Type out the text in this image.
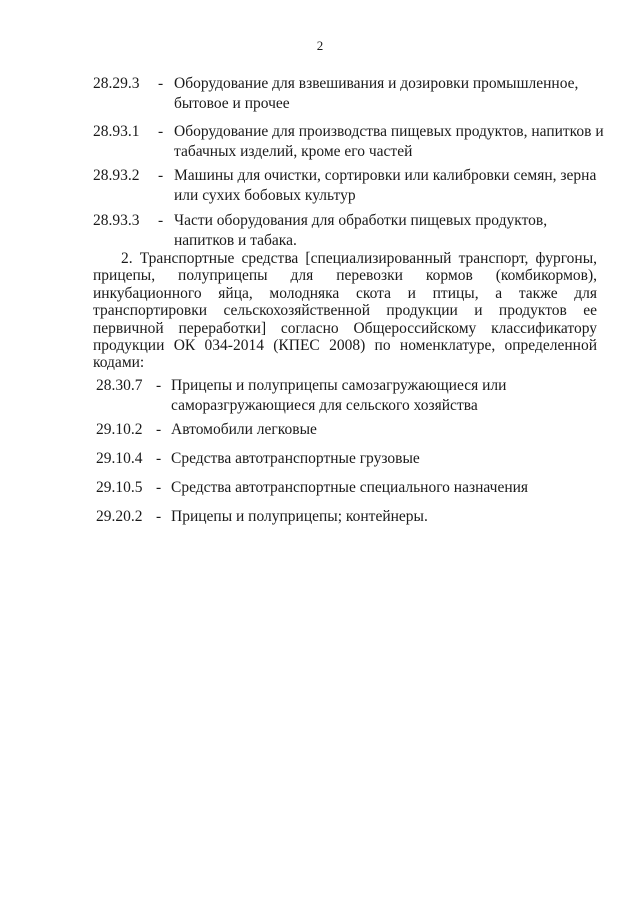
2
28.29.3 - Оборудование для взвешивания и дозировки промышленное, бытовое и прочее
28.93.1 - Оборудование для производства пищевых продуктов, напитков и табачных изделий, кроме его частей
28.93.2 - Машины для очистки, сортировки или калибровки семян, зерна или сухих бобовых культур
28.93.3 - Части оборудования для обработки пищевых продуктов, напитков и табака.
2. Транспортные средства [специализированный транспорт, фургоны, прицепы, полуприцепы для перевозки кормов (комбикормов), инкубационного яйца, молодняка скота и птицы, а также для транспортировки сельскохозяйственной продукции и продуктов ее первичной переработки] согласно Общероссийскому классификатору продукции ОК 034-2014 (КПЕС 2008) по номенклатуре, определенной кодами:
28.30.7 - Прицепы и полуприцепы самозагружающиеся или саморазгружающиеся для сельского хозяйства
29.10.2 - Автомобили легковые
29.10.4 - Средства автотранспортные грузовые
29.10.5 - Средства автотранспортные специального назначения
29.20.2 - Прицепы и полуприцепы; контейнеры.
